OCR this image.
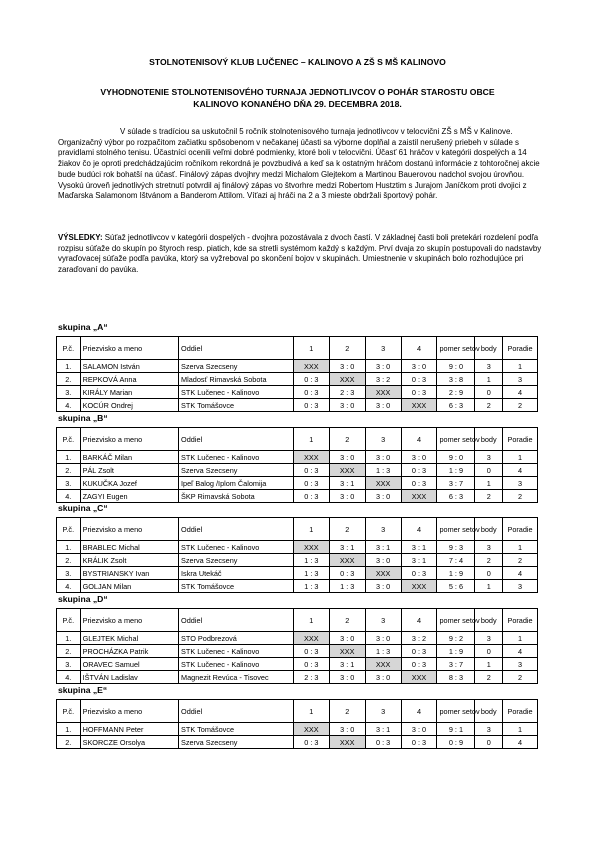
STOLNOTENISOVÝ KLUB LUČENEC – KALINOVO A ZŠ S MŠ KALINOVO
VYHODNOTENIE STOLNOTENISOVÉHO TURNAJA JEDNOTLIVCOV O POHÁR STAROSTU OBCE
KALINOVO KONANÉHO DŇA 29. DECEMBRA 2018.
V súlade s tradíciou sa uskutočnil 5 ročník stolnotenisového turnaja jednotlivcov v telocvični ZŠ s MŠ v Kalinove. Organizačný výbor po rozpačitom začiatku spôsobenom v nečakanej účasti sa výborne doplňal a zaistil nerušený priebeh v súlade s pravidlami stolného tenisu. Účastníci ocenili veľmi dobré podmienky, ktoré boli v telocvični. Účasť 61 hráčov v kategórii dospelých a 14 žiakov čo je oproti predchádzajúcim ročníkom rekordná je povzbudivá a keď sa k ostatným hráčom dostanú informácie z tohtoročnej akcie bude budúci rok bohatší na účasť. Finálový zápas dvojhry medzi Michalom Glejtekom a Martinou Bauerovou nadchol svojou úrovňou. Vysokú úroveň jednotlivých stretnutí potvrdil aj finálový zápas vo štvorhre medzi Robertom Hustztim s Jurajom Janíčkom proti dvojici z Maďarska Salamonom Ištvánom a Banderom Attilom. Víťazi aj hráči na 2 a 3 mieste obdržali športový pohár.
VÝSLEDKY: Súťaž jednotlivcov v kategórii dospelých - dvojhra pozostávala z dvoch častí. V základnej časti boli pretekári rozdelení podľa rozpisu súťaže do skupín po štyroch resp. piatich, kde sa stretli systémom každý s každým. Prví dvaja zo skupín postupovali do nadstavby vyraďovacej súťaže podľa pavúka, ktorý sa vyžreboval po skončení bojov v skupinách. Umiestnenie v skupinách bolo rozhodujúce pri zaraďovaní do pavúka.
skupina „A“
P.č.	Priezvisko a meno	Oddiel	1	2	3	4	pomer setov	body	Poradie
1.	SALAMON István	Szerva Szecseny	XXX	3 : 0	3 : 0	3 : 0	9 : 0	3	1
2.	REPKOVÁ Anna	Mladosť Rimavská Sobota	0 : 3	XXX	3 : 2	0 : 3	3 : 8	1	3
3.	KIRÁLY Marian	STK Lučenec - Kalinovo	0 : 3	2 : 3	XXX	0 : 3	2 : 9	0	4
4.	KOCÚR Ondrej	STK Tomášovce	0 : 3	3 : 0	3 : 0	XXX	6 : 3	2	2
skupina „B“
P.č.	Priezvisko a meno	Oddiel	1	2	3	4	pomer setov	body	Poradie
1.	BARKÁČ Milan	STK Lučenec - Kalinovo	XXX	3 : 0	3 : 0	3 : 0	9 : 0	3	1
2.	PÁL Zsolt	Szerva Szecseny	0 : 3	XXX	1 : 3	0 : 3	1 : 9	0	4
3.	KUKUČKA Jozef	Ipeľ Balog /Iplom Čalomija	0 : 3	3 : 1	XXX	0 : 3	3 : 7	1	3
4.	ZAGYI Eugen	ŠKP Rimavská Sobota	0 : 3	3 : 0	3 : 0	XXX	6 : 3	2	2
skupina „C“
P.č.	Priezvisko a meno	Oddiel	1	2	3	4	pomer setov	body	Poradie
1.	BRABLEC Michal	STK Lučenec - Kalinovo	XXX	3 : 1	3 : 1	3 : 1	9 : 3	3	1
2.	KRÁLIK Zsolt	Szerva Szecseny	1 : 3	XXX	3 : 0	3 : 1	7 : 4	2	2
3.	BYSTRIANSKY Ivan	Iskra Utekáč	1 : 3	0 : 3	XXX	0 : 3	1 : 9	0	4
4.	GOLJAN Milan	STK Tomášovce	1 : 3	1 : 3	3 : 0	XXX	5 : 6	1	3
skupina „D“
P.č.	Priezvisko a meno	Oddiel	1	2	3	4	pomer setov	body	Poradie
1.	GLEJTEK Michal	STO Podbrezová	XXX	3 : 0	3 : 0	3 : 2	9 : 2	3	1
2.	PROCHÁZKA Patrik	STK Lučenec - Kalinovo	0 : 3	XXX	1 : 3	0 : 3	1 : 9	0	4
3.	ORAVEC Samuel	STK Lučenec - Kalinovo	0 : 3	3 : 1	XXX	0 : 3	3 : 7	1	3
4.	IŠTVÁN Ladislav	Magnezit Revúca - Tisovec	2 : 3	3 : 0	3 : 0	XXX	8 : 3	2	2
skupina „E“
P.č.	Priezvisko a meno	Oddiel	1	2	3	4	pomer setov	body	Poradie
1.	HOFFMANN Peter	STK Tomášovce	XXX	3 : 0	3 : 1	3 : 0	9 : 1	3	1
2.	SKORCZE Orsolya	Szerva Szecseny	0 : 3	XXX	0 : 3	0 : 3	0 : 9	0	4
